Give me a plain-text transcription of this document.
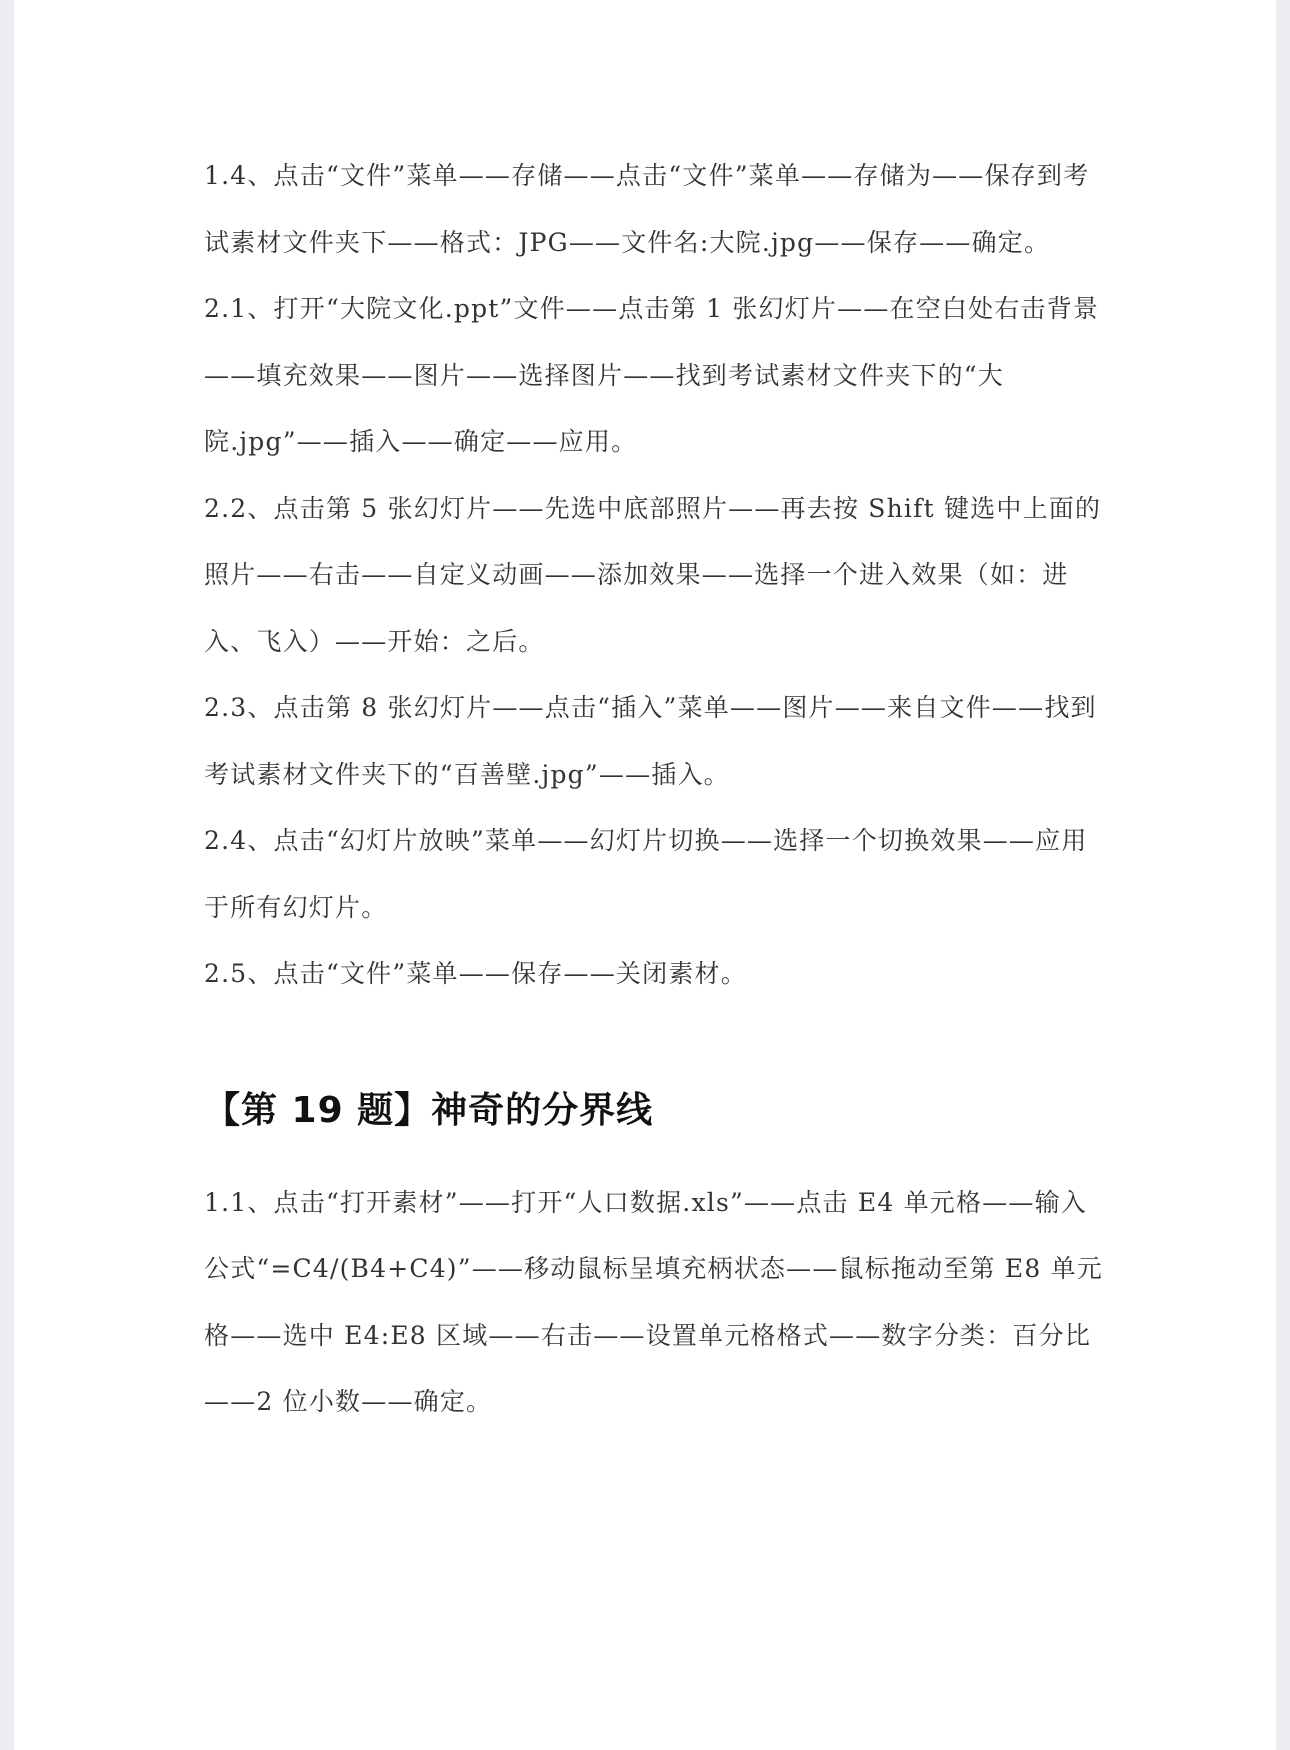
1.4、点击“文件”菜单——存储——点击“文件”菜单——存储为——保存到考试素材文件夹下——格式：JPG——文件名:大院.jpg——保存——确定。

2.1、打开“大院文化.ppt”文件——点击第 1 张幻灯片——在空白处右击背景——填充效果——图片——选择图片——找到考试素材文件夹下的“大院.jpg”——插入——确定——应用。

2.2、点击第 5 张幻灯片——先选中底部照片——再去按 Shift 键选中上面的照片——右击——自定义动画——添加效果——选择一个进入效果（如：进入、飞入）——开始：之后。

2.3、点击第 8 张幻灯片——点击“插入”菜单——图片——来自文件——找到考试素材文件夹下的“百善壁.jpg”——插入。

2.4、点击“幻灯片放映”菜单——幻灯片切换——选择一个切换效果——应用于所有幻灯片。

2.5、点击“文件”菜单——保存——关闭素材。

【第 19 题】神奇的分界线

1.1、点击“打开素材”——打开“人口数据.xls”——点击 E4 单元格——输入公式“=C4/(B4+C4)”——移动鼠标呈填充柄状态——鼠标拖动至第 E8 单元格——选中 E4:E8 区域——右击——设置单元格格式——数字分类：百分比——2 位小数——确定。
